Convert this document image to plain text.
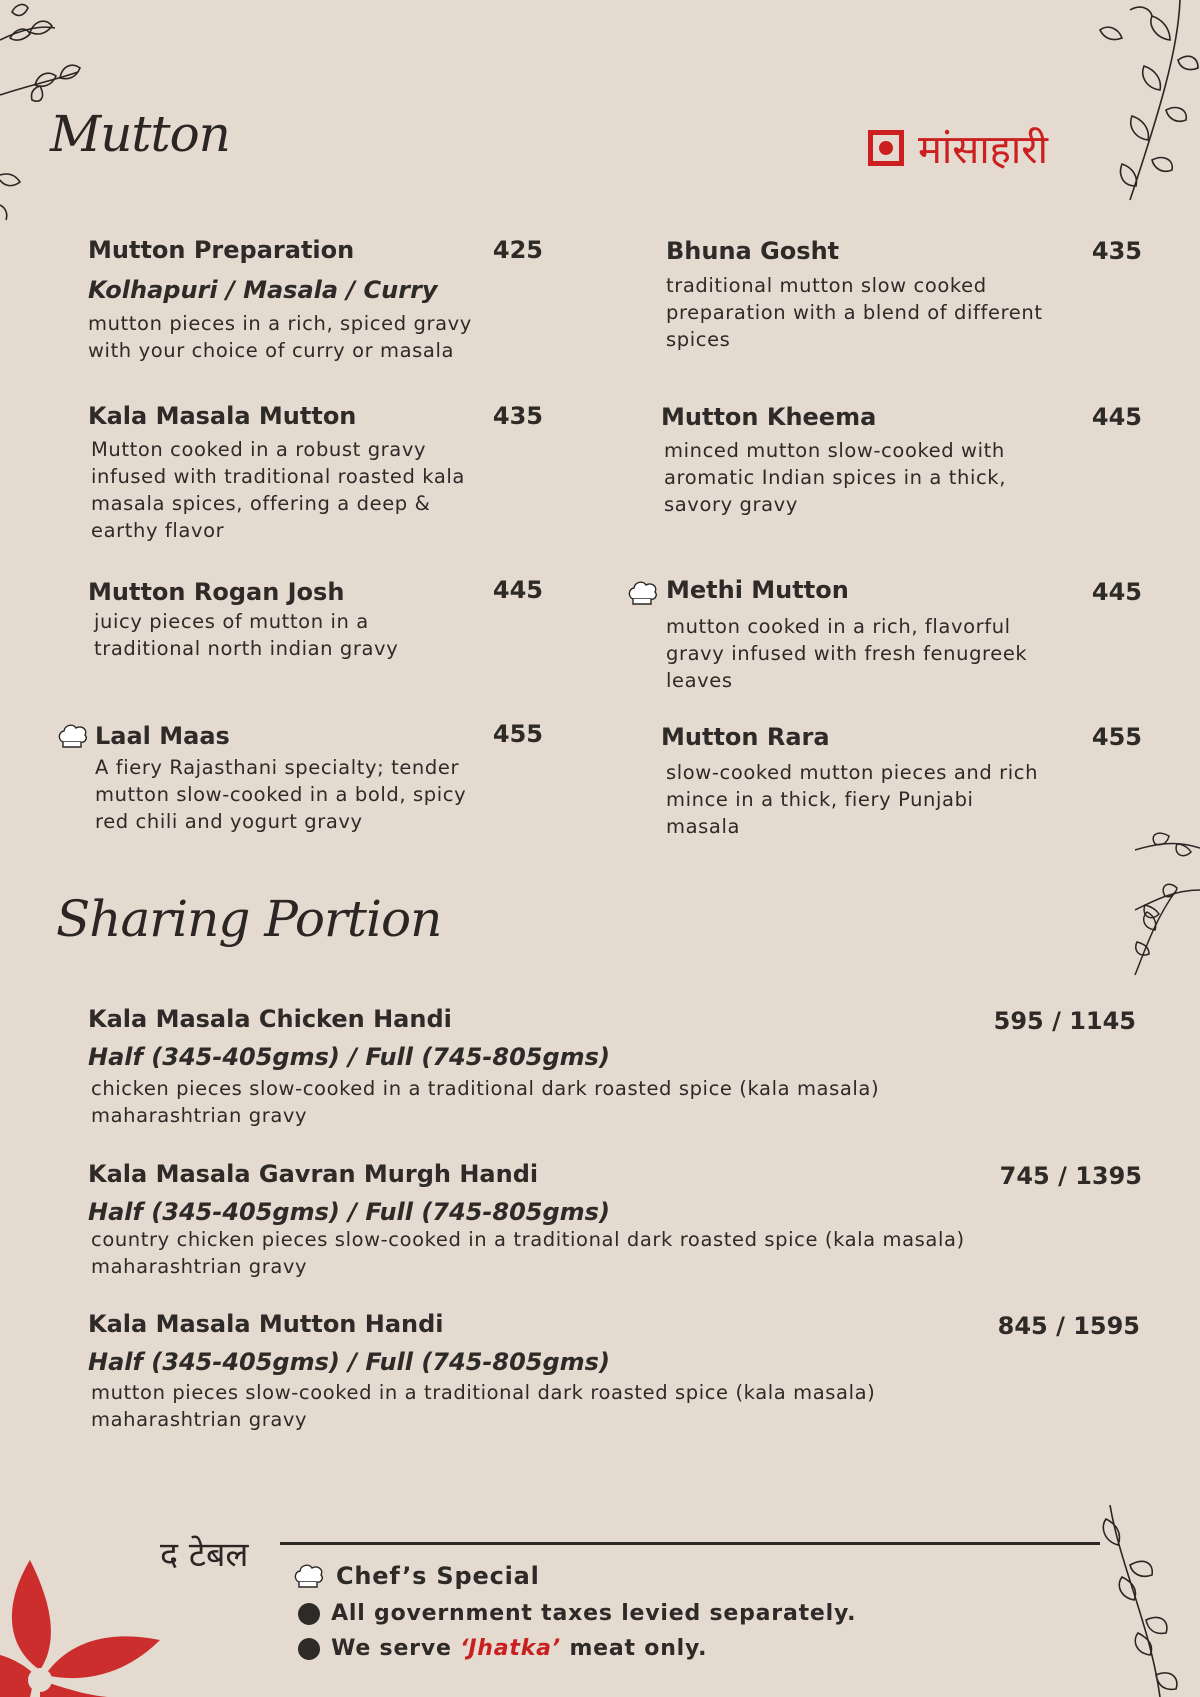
Mutton	मांसाहारी
Mutton Preparation	425
Kolhapuri / Masala / Curry
mutton pieces in a rich, spiced gravy
with your choice of curry or masala
Bhuna Gosht	435
traditional mutton slow cooked
preparation with a blend of different
spices
Kala Masala Mutton	435
Mutton cooked in a robust gravy
infused with traditional roasted kala
masala spices, offering a deep &
earthy flavor
Mutton Kheema	445
minced mutton slow-cooked with
aromatic Indian spices in a thick,
savory gravy
Mutton Rogan Josh	445
juicy pieces of mutton in a
traditional north indian gravy
Methi Mutton	445
mutton cooked in a rich, flavorful
gravy infused with fresh fenugreek
leaves
Laal Maas	455
A fiery Rajasthani specialty; tender
mutton slow-cooked in a bold, spicy
red chili and yogurt gravy
Mutton Rara	455
slow-cooked mutton pieces and rich
mince in a thick, fiery Punjabi
masala
Sharing Portion
Kala Masala Chicken Handi	595 / 1145
Half (345-405gms) / Full (745-805gms)
chicken pieces slow-cooked in a traditional dark roasted spice (kala masala)
maharashtrian gravy
Kala Masala Gavran Murgh Handi	745 / 1395
Half (345-405gms) / Full (745-805gms)
country chicken pieces slow-cooked in a traditional dark roasted spice (kala masala)
maharashtrian gravy
Kala Masala Mutton Handi	845 / 1595
Half (345-405gms) / Full (745-805gms)
mutton pieces slow-cooked in a traditional dark roasted spice (kala masala)
maharashtrian gravy
द टेबल
Chef’s Special
All government taxes levied separately.
We serve ‘Jhatka’ meat only.
